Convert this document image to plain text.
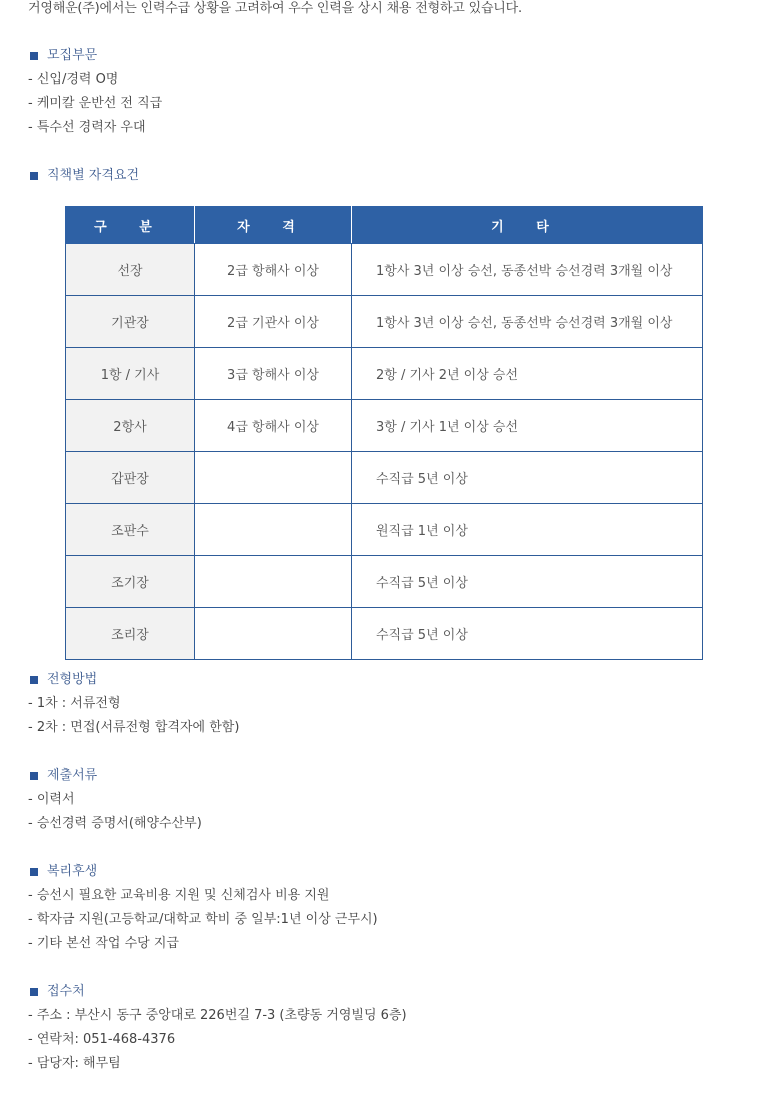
거영해운(주)에서는 인력수급 상황을 고려하여 우수 인력을 상시 채용 전형하고 있습니다.
모집부문
- 신입/경력 O명
- 케미칼 운반선 전 직급
- 특수선 경력자 우대
직책별 자격요건
구 분	자 격	기 타
선장	2급 항해사 이상	1항사 3년 이상 승선, 동종선박 승선경력 3개월 이상
기관장	2급 기관사 이상	1항사 3년 이상 승선, 동종선박 승선경력 3개월 이상
1항 / 기사	3급 항해사 이상	2항 / 기사 2년 이상 승선
2항사	4급 항해사 이상	3항 / 기사 1년 이상 승선
갑판장		수직급 5년 이상
조판수		원직급 1년 이상
조기장		수직급 5년 이상
조리장		수직급 5년 이상
전형방법
- 1차 : 서류전형
- 2차 : 면접(서류전형 합격자에 한함)
제출서류
- 이력서
- 승선경력 증명서(해양수산부)
복리후생
- 승선시 필요한 교육비용 지원 및 신체검사 비용 지원
- 학자금 지원(고등학교/대학교 학비 중 일부:1년 이상 근무시)
- 기타 본선 작업 수당 지급
접수처
- 주소 : 부산시 동구 중앙대로 226번길 7-3 (초량동 거영빌딩 6층)
- 연락처: 051-468-4376
- 담당자: 해무팀
